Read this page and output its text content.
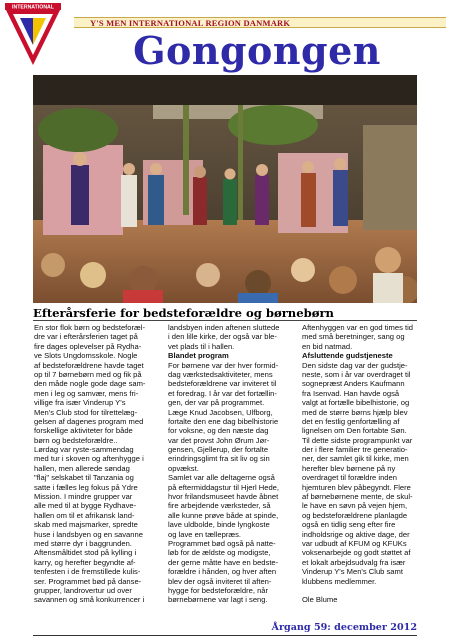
INTERNATIONAL
Y'S MEN INTERNATIONAL REGION DANMARK
Gongongen
Efterårsferie for bedsteforældre og børnebørn
En stor flok børn og bedsteforæl-
dre var i efterårsferien taget på
fire dages oplevelser på Rydha-
ve Slots Ungdomsskole. Nogle
af bedsteforældrene havde taget
op til 7 børnebørn med og fik på
den måde nogle gode dage sam-
men i leg og samvær, mens fri-
villige fra især Vinderup Y's
Men's Club stod for tilrettelæg-
gelsen af dagenes program med
forskellige aktiviteter for både
børn og bedsteforældre..
Lørdag var ryste-sammendag
med tur i skoven og aftenhygge i
hallen, men allerede søndag
"flaj" selskabet til Tanzania og
satte i fælles leg fokus på Ydre
Mission. I mindre grupper var
alle med til at bygge Rydhave-
hallen om til et afrikansk land-
skab med majsmarker, spredte
huse i landsbyen og en savanne
med større dyr i baggrunden.
Aftensmåltidet stod på kylling i
karry, og herefter begyndte af-
tenfesten i de fremstillede kulis-
ser. Programmet bød på danse-
grupper, landrovertur ud over
savannen og små konkurrencer i
landsbyen inden aftenen sluttede
i den lille kirke, der også var ble-
vet plads til i hallen.
Blandet program
For børnene var der hver formid-
dag værkstedsaktiviteter, mens
bedsteforældrene var inviteret til
et foredrag. I år var det fortællin-
gen, der var på programmet.
Læge Knud Jacobsen, Ulfborg,
fortalte den ene dag bibelhistorie
for voksne, og den næste dag
var det provst John Ørum Jør-
gensen, Gjellerup, der fortalte
erindringsglimt fra sit liv og sin
opvækst.
Samlet var alle deltagerne også
på eftermiddagstur til Hjerl Hede,
hvor frilandsmuseet havde åbnet
fire arbejdende værksteder, så
alle kunne prøve både at spinde,
lave uldbolde, binde lyngkoste
og lave en tællepræs.
Programmet bød også på natte-
løb for de ældste og modigste,
der gerne måtte have en bedste-
forældre i hånden, og hver aften
blev der også inviteret til aften-
hygge for bedsteforældre, når
børnebørnene var lagt i seng.
Aftenhyggen var en god times tid
med små beretninger, sang og
en bid natmad.
Afsluttende gudstjeneste
Den sidste dag var der gudstje-
neste, som i år var overdraget til
sognepræst Anders Kaufmann
fra Isenvad. Han havde også
valgt at fortælle bibelhistorie, og
med de større børns hjælp blev
det en festlig genfortælling af
lignelsen om Den fortabte Søn.
Til dette sidste programpunkt var
der i flere familier tre generatio-
ner, der samlet gik til kirke, men
herefter blev børnene på ny
overdraget til forældre inden
hjemturen blev påbegyndt. Flere
af børnebørnene mente, de skul-
le have en søvn på vejen hjem,
og bedsteforældrene planlagde
også en tidlig seng efter fire
indholdsrige og aktive dage, der
var udbudt af KFUM og KFUKs
voksenarbejde og godt støttet af
et lokalt arbejdsudvalg fra især
Vinderup Y's Men's Club samt
klubbens medlemmer.
Ole Blume
Årgang 59: december 2012
